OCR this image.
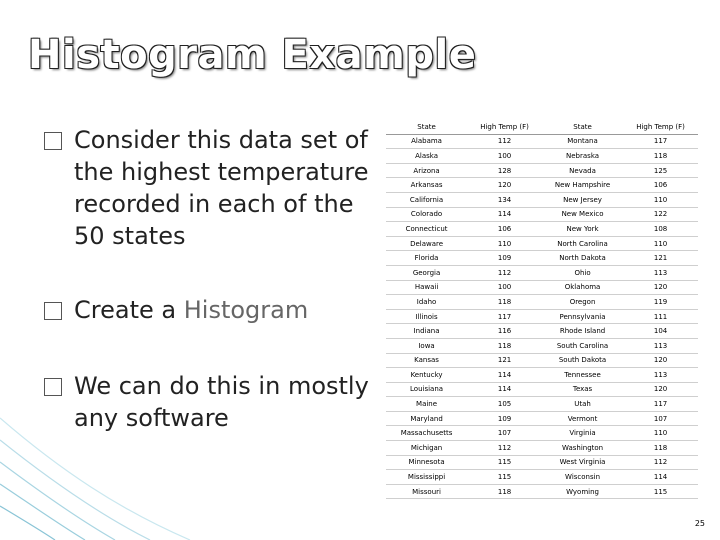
Histogram Example
Consider this data set of the highest temperature recorded in each of the 50 states
Create a Histogram
We can do this in mostly any software
State	High Temp (F)	State	High Temp (F)
Alabama	112	Montana	117
Alaska	100	Nebraska	118
Arizona	128	Nevada	125
Arkansas	120	New Hampshire	106
California	134	New Jersey	110
Colorado	114	New Mexico	122
Connecticut	106	New York	108
Delaware	110	North Carolina	110
Florida	109	North Dakota	121
Georgia	112	Ohio	113
Hawaii	100	Oklahoma	120
Idaho	118	Oregon	119
Illinois	117	Pennsylvania	111
Indiana	116	Rhode Island	104
Iowa	118	South Carolina	113
Kansas	121	South Dakota	120
Kentucky	114	Tennessee	113
Louisiana	114	Texas	120
Maine	105	Utah	117
Maryland	109	Vermont	107
Massachusetts	107	Virginia	110
Michigan	112	Washington	118
Minnesota	115	West Virginia	112
Mississippi	115	Wisconsin	114
Missouri	118	Wyoming	115
25
